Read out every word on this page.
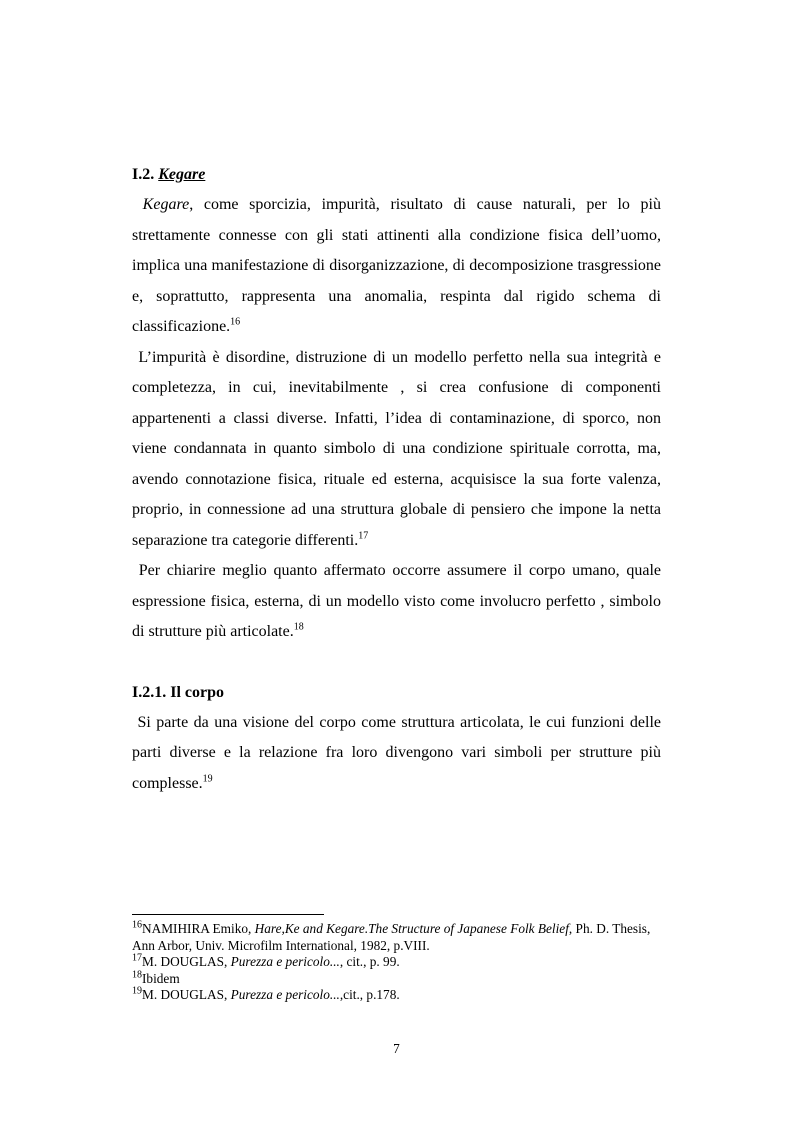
I.2. Kegare

Kegare, come sporcizia, impurità, risultato di cause naturali, per lo più strettamente connesse con gli stati attinenti alla condizione fisica dell’uomo, implica una manifestazione di disorganizzazione, di decomposizione trasgressione e, soprattutto, rappresenta una anomalia, respinta dal rigido schema di classificazione.$^{16}$

L’impurità è disordine, distruzione di un modello perfetto nella sua integrità e completezza, in cui, inevitabilmente , si crea confusione di componenti appartenenti a classi diverse. Infatti, l’idea di contaminazione, di sporco, non viene condannata in quanto simbolo di una condizione spirituale corrotta, ma, avendo connotazione fisica, rituale ed esterna, acquisisce la sua forte valenza, proprio, in connessione ad una struttura globale di pensiero che impone la netta separazione tra categorie differenti.$^{17}$

Per chiarire meglio quanto affermato occorre assumere il corpo umano, quale espressione fisica, esterna, di un modello visto come involucro perfetto , simbolo di strutture più articolate.$^{18}$

I.2.1. Il corpo

Si parte da una visione del corpo come struttura articolata, le cui funzioni delle parti diverse e la relazione fra loro divengono vari simboli per strutture più complesse.$^{19}$

$^{16}$NAMIHIRA Emiko, Hare,Ke and Kegare.The Structure of Japanese Folk Belief, Ph. D. Thesis, Ann Arbor, Univ. Microfilm International, 1982, p.VIII.

$^{17}$M. DOUGLAS, Purezza e pericolo..., cit., p. 99.

$^{18}$Ibidem

$^{19}$M. DOUGLAS, Purezza e pericolo...,cit., p.178.

7
